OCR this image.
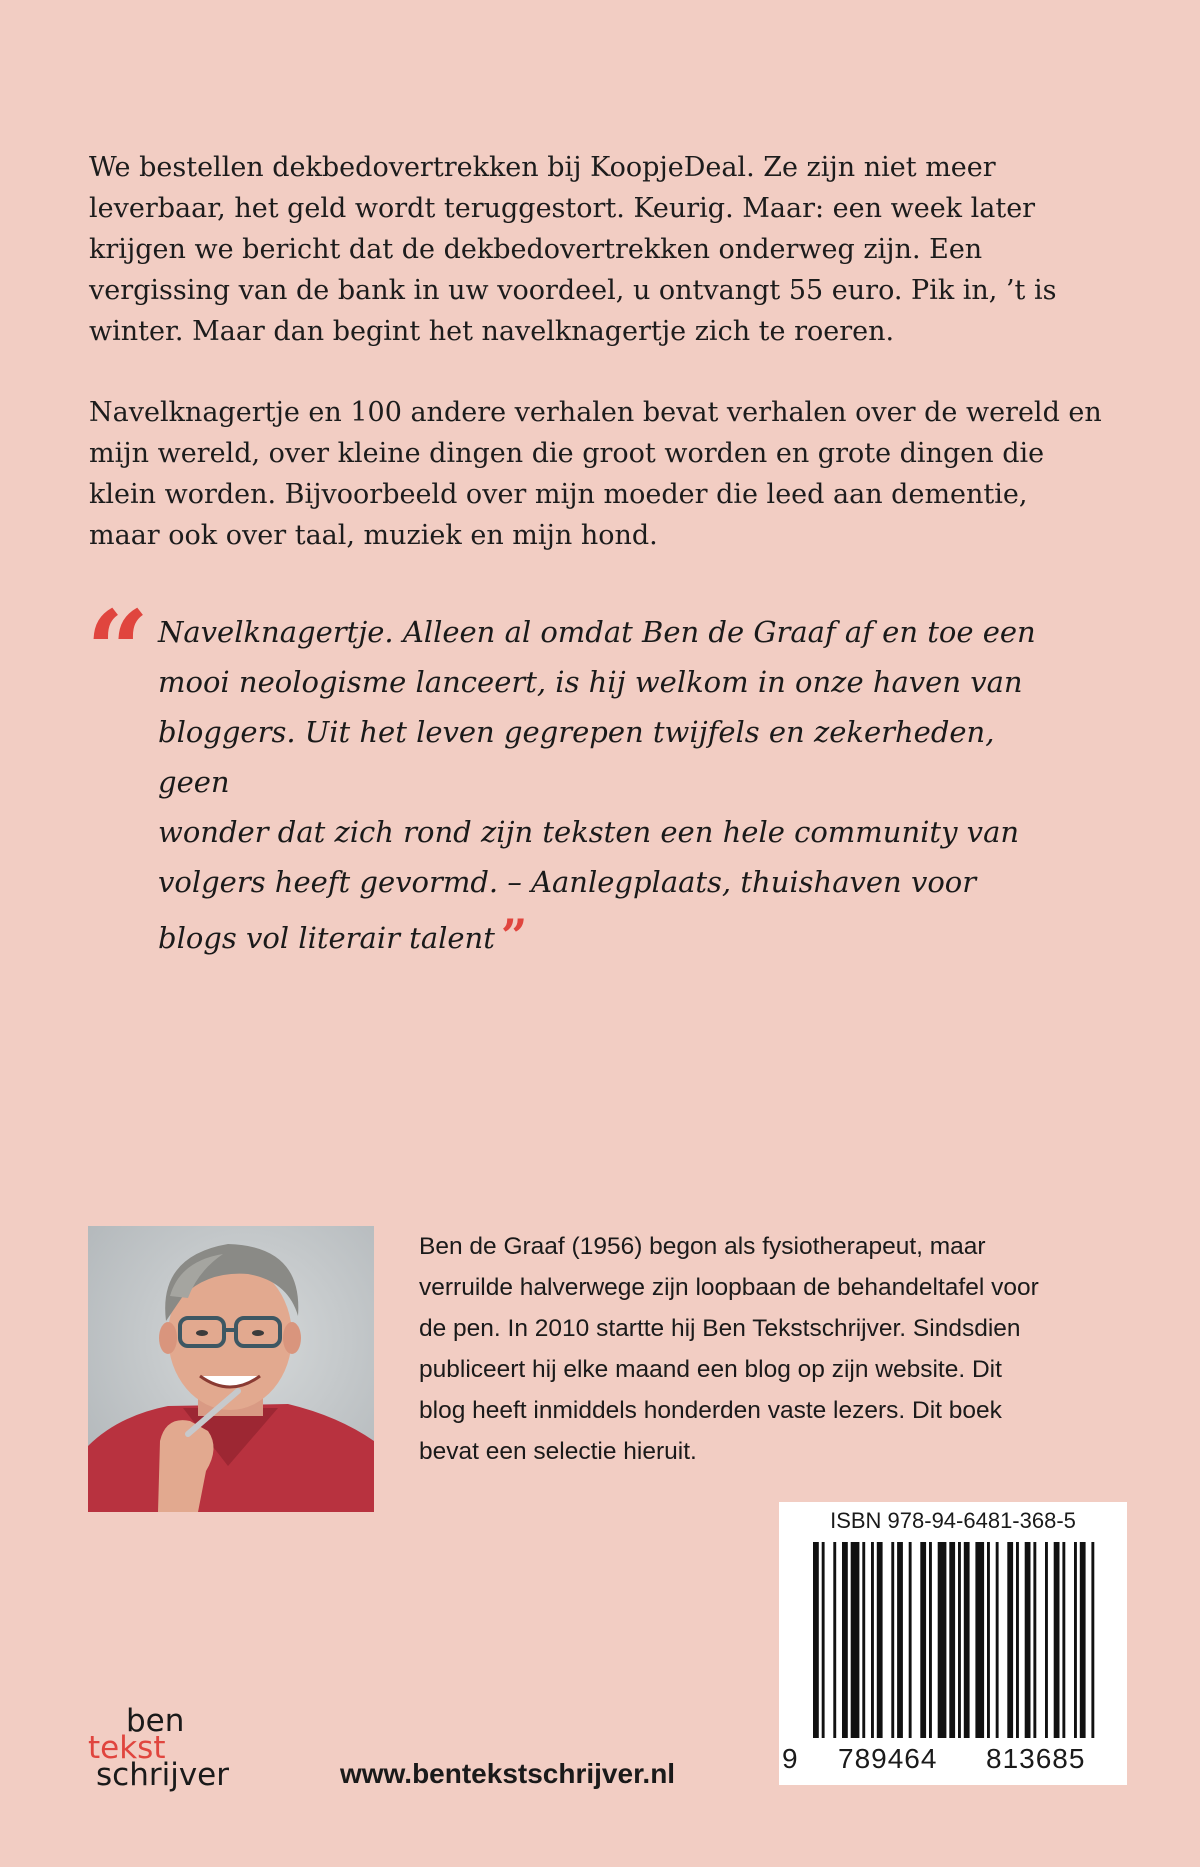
We bestellen dekbedovertrekken bij KoopjeDeal. Ze zijn niet meer
leverbaar, het geld wordt teruggestort. Keurig. Maar: een week later
krijgen we bericht dat de dekbedovertrekken onderweg zijn. Een
vergissing van de bank in uw voordeel, u ontvangt 55 euro. Pik in, ’t is
winter. Maar dan begint het navelknagertje zich te roeren.

Navelknagertje en 100 andere verhalen bevat verhalen over de wereld en
mijn wereld, over kleine dingen die groot worden en grote dingen die
klein worden. Bijvoorbeeld over mijn moeder die leed aan dementie,
maar ook over taal, muziek en mijn hond.

“ Navelknagertje. Alleen al omdat Ben de Graaf af en toe een
mooi neologisme lanceert, is hij welkom in onze haven van
bloggers. Uit het leven gegrepen twijfels en zekerheden, geen
wonder dat zich rond zijn teksten een hele community van
volgers heeft gevormd. – Aanlegplaats, thuishaven voor
blogs vol literair talent ”

Ben de Graaf (1956) begon als fysiotherapeut, maar
verruilde halverwege zijn loopbaan de behandeltafel voor
de pen. In 2010 startte hij Ben Tekstschrijver. Sindsdien
publiceert hij elke maand een blog op zijn website. Dit
blog heeft inmiddels honderden vaste lezers. Dit boek
bevat een selectie hieruit.

ISBN 978-94-6481-368-5
9 789464 813685
ben
tekst
schrijver	www.bentekstschrijver.nl
